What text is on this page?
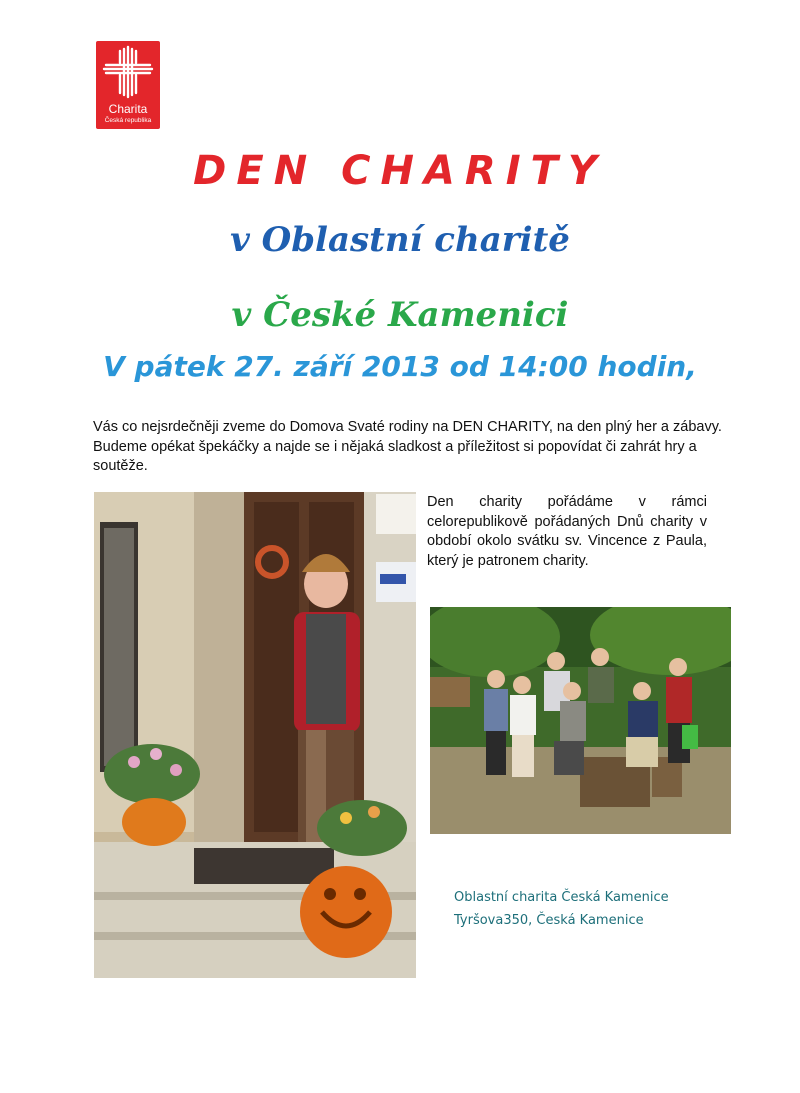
Charita
Česká republika
DEN CHARITY
v Oblastní charitě
v České Kamenici
V pátek 27. září 2013 od 14:00 hodin,
Vás co nejsrdečněji zveme do Domova Svaté rodiny na DEN CHARITY, na den plný her a zábavy. Budeme opékat špekáčky a najde se i nějaká sladkost a příležitost si popovídat či zahrát hry a soutěže.
Den charity pořádáme v rámci celorepublikově pořádaných Dnů charity v období okolo svátku sv. Vincence z Paula, který je patronem charity.
Oblastní charita Česká Kamenice
Tyršova350, Česká Kamenice
